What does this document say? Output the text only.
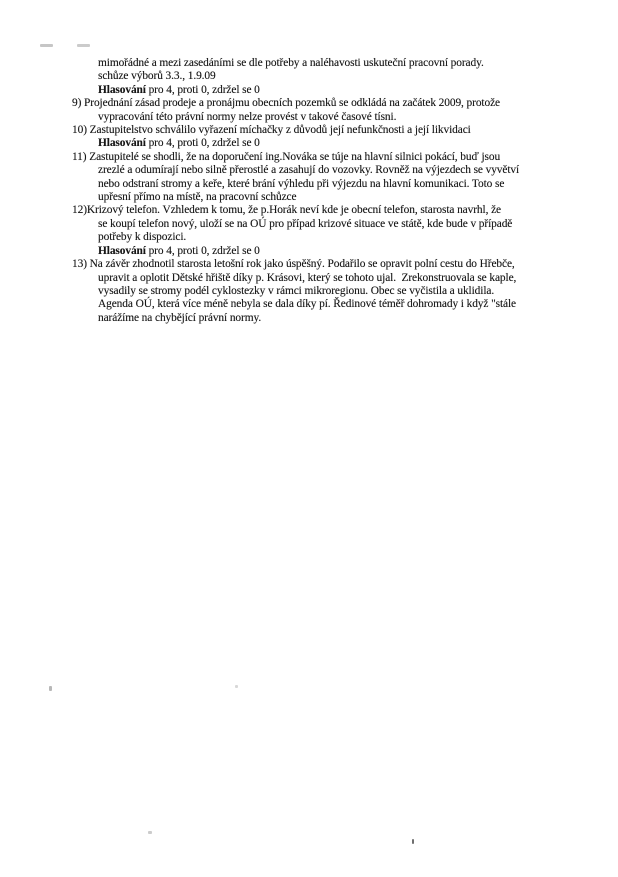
mimořádné a mezi zasedáními se dle potřeby a naléhavosti uskuteční pracovní porady.
schůze výborů 3.3., 1.9.09
Hlasování pro 4, proti 0, zdržel se 0
9) Projednání zásad prodeje a pronájmu obecních pozemků se odkládá na začátek 2009, protože
vypracování této právní normy nelze provést v takové časové tísni.
10) Zastupitelstvo schválilo vyřazení míchačky z důvodů její nefunkčnosti a její likvidaci
Hlasování pro 4, proti 0, zdržel se 0
11) Zastupitelé se shodli, že na doporučení ing.Nováka se túje na hlavní silnici pokácí, buď jsou
zrezlé a odumírají nebo silně přerostlé a zasahují do vozovky. Rovněž na výjezdech se vyvětví
nebo odstraní stromy a keře, které brání výhledu při výjezdu na hlavní komunikaci. Toto se
upřesní přímo na místě, na pracovní schůzce
12)Krizový telefon. Vzhledem k tomu, že p.Horák neví kde je obecní telefon, starosta navrhl, že
se koupí telefon nový, uloží se na OÚ pro případ krizové situace ve státě, kde bude v případě
potřeby k dispozici.
Hlasování pro 4, proti 0, zdržel se 0
13) Na závěr zhodnotil starosta letošní rok jako úspěšný. Podařilo se opravit polní cestu do Hřebče,
upravit a oplotit Dětské hřiště díky p. Krásovi, který se tohoto ujal.  Zrekonstruovala se kaple,
vysadily se stromy podél cyklostezky v rámci mikroregionu. Obec se vyčistila a uklidila.
Agenda OÚ, která více méně nebyla se dala díky pí. Ředinové téměř dohromady i když "stále
narážíme na chybějící právní normy.
